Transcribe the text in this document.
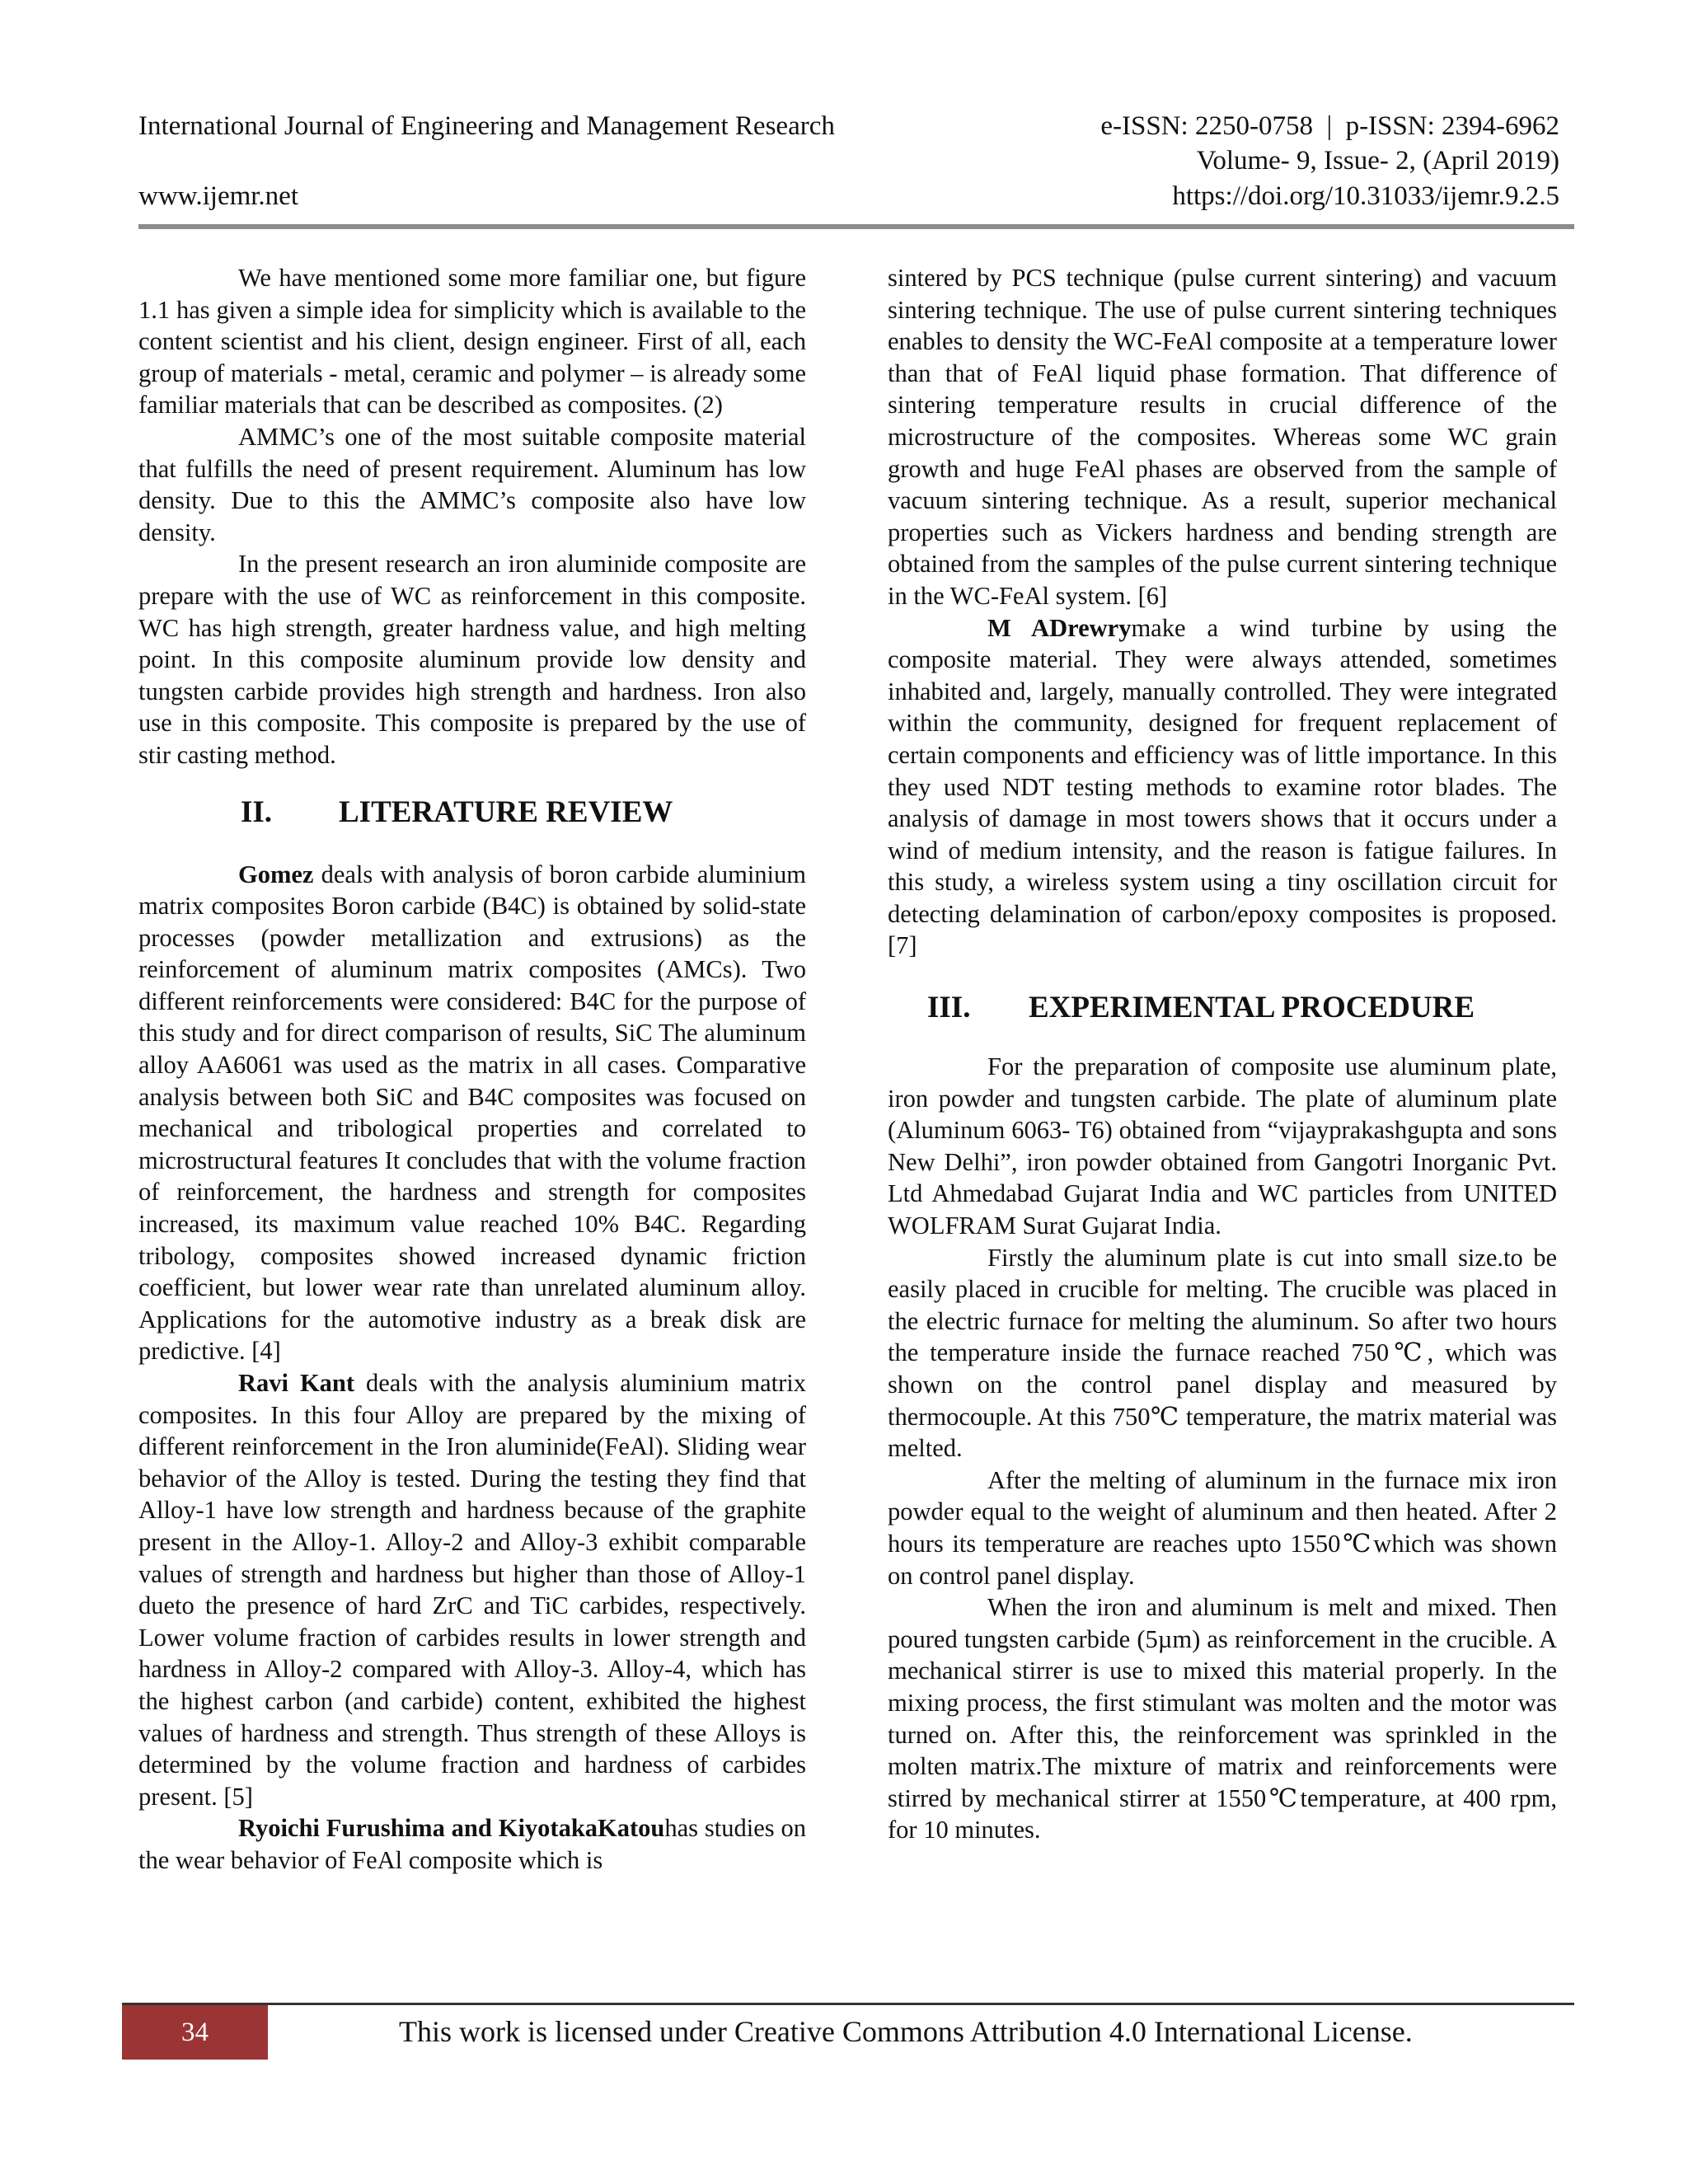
International Journal of Engineering and Management Research	e-ISSN: 2250-0758  |  p-ISSN: 2394-6962
Volume- 9, Issue- 2, (April 2019)
www.ijemr.net	https://doi.org/10.31033/ijemr.9.2.5

We have mentioned some more familiar one, but figure 1.1 has given a simple idea for simplicity which is available to the content scientist and his client, design engineer. First of all, each group of materials - metal, ceramic and polymer – is already some familiar materials that can be described as composites. (2)

AMMC’s one of the most suitable composite material that fulfills the need of present requirement. Aluminum has low density. Due to this the AMMC’s composite also have low density.

In the present research an iron aluminide composite are prepare with the use of WC as reinforcement in this composite. WC has high strength, greater hardness value, and high melting point. In this composite aluminum provide low density and tungsten carbide provides high strength and hardness. Iron also use in this composite. This composite is prepared by the use of stir casting method.

II.	LITERATURE REVIEW

Gomez deals with analysis of boron carbide aluminium matrix composites Boron carbide (B4C) is obtained by solid-state processes (powder metallization and extrusions) as the reinforcement of aluminum matrix composites (AMCs). Two different reinforcements were considered: B4C for the purpose of this study and for direct comparison of results, SiC The aluminum alloy AA6061 was used as the matrix in all cases. Comparative analysis between both SiC and B4C composites was focused on mechanical and tribological properties and correlated to microstructural features It concludes that with the volume fraction of reinforcement, the hardness and strength for composites increased, its maximum value reached 10% B4C. Regarding tribology, composites showed increased dynamic friction coefficient, but lower wear rate than unrelated aluminum alloy. Applications for the automotive industry as a break disk are predictive. [4]

Ravi Kant deals with the analysis aluminium matrix composites. In this four Alloy are prepared by the mixing of different reinforcement in the Iron aluminide(FeAl). Sliding wear behavior of the Alloy is tested. During the testing they find that Alloy-1 have low strength and hardness because of the graphite present in the Alloy-1. Alloy-2 and Alloy-3 exhibit comparable values of strength and hardness but higher than those of Alloy-1 dueto the presence of hard ZrC and TiC carbides, respectively. Lower volume fraction of carbides results in lower strength and hardness in Alloy-2 compared with Alloy-3. Alloy-4, which has the highest carbon (and carbide) content, exhibited the highest values of hardness and strength. Thus strength of these Alloys is determined by the volume fraction and hardness of carbides present. [5]

Ryoichi Furushima and KiyotakaKatouhas studies on the wear behavior of FeAl composite which is

sintered by PCS technique (pulse current sintering) and vacuum sintering technique. The use of pulse current sintering techniques enables to density the WC-FeAl composite at a temperature lower than that of FeAl liquid phase formation. That difference of sintering temperature results in crucial difference of the microstructure of the composites. Whereas some WC grain growth and huge FeAl phases are observed from the sample of vacuum sintering technique. As a result, superior mechanical properties such as Vickers hardness and bending strength are obtained from the samples of the pulse current sintering technique in the WC-FeAl system. [6]

M ADrewrymake a wind turbine by using the composite material. They were always attended, sometimes inhabited and, largely, manually controlled. They were integrated within the community, designed for frequent replacement of certain components and efficiency was of little importance. In this they used NDT testing methods to examine rotor blades. The analysis of damage in most towers shows that it occurs under a wind of medium intensity, and the reason is fatigue failures. In this study, a wireless system using a tiny oscillation circuit for detecting delamination of carbon/epoxy composites is proposed. [7]

III.	EXPERIMENTAL PROCEDURE

For the preparation of composite use aluminum plate, iron powder and tungsten carbide. The plate of aluminum plate (Aluminum 6063- T6) obtained from “vijayprakashgupta and sons New Delhi”, iron powder obtained from Gangotri Inorganic Pvt. Ltd Ahmedabad Gujarat India and WC particles from UNITED WOLFRAM Surat Gujarat India.

Firstly the aluminum plate is cut into small size.to be easily placed in crucible for melting. The crucible was placed in the electric furnace for melting the aluminum. So after two hours the temperature inside the furnace reached 750℃, which was shown on the control panel display and measured by thermocouple. At this 750℃ temperature, the matrix material was melted.

After the melting of aluminum in the furnace mix iron powder equal to the weight of aluminum and then heated. After 2 hours its temperature are reaches upto 1550℃which was shown on control panel display.

When the iron and aluminum is melt and mixed. Then poured tungsten carbide (5µm) as reinforcement in the crucible. A mechanical stirrer is use to mixed this material properly. In the mixing process, the first stimulant was molten and the motor was turned on. After this, the reinforcement was sprinkled in the molten matrix.The mixture of matrix and reinforcements were stirred by mechanical stirrer at 1550℃temperature, at 400 rpm, for 10 minutes.

34	This work is licensed under Creative Commons Attribution 4.0 International License.
